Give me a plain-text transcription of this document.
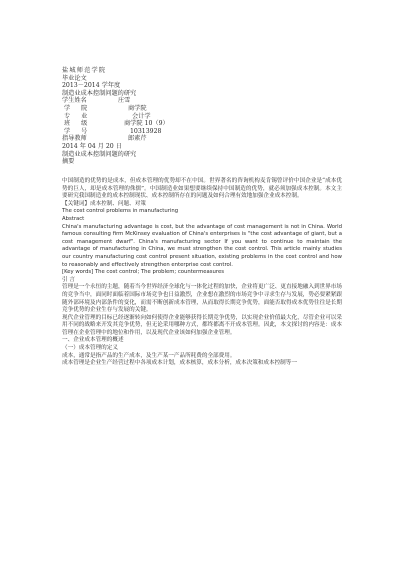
盐城师范学院
毕业论文
2013－2014 学年度
制造业成本控制问题的研究
学生姓名	庄雪
学院	商学院
专业	会计学
班级	商学院 10（9）
学号	10313928
指导教师	郎素芹
2014 年 04 月 20 日
制造业成本控制问题的研究
摘要
中国制造的优势的是成本，但成本管理的优势却不在中国。世界著名的咨询机构麦肯锡曾评价中国企业是“成本优势的巨人，却是成本管理的侏儒”。中国制造业如果想要继续保持中国制造的优势，就必须加强成本控制。本文主要研究我国制造业的成本控制现状、成本控制所存在的问题及如何合理有效地加强企业成本控制。
【关键词】成本控制、问题、对策
The cost control problems in manufacturing
Abstract
China's manufacturing advantage is cost, but the advantage of cost management is not in China. World famous consulting firm McKinsey evaluation of China's enterprises is "the cost advantage of giant, but a cost management dwarf". China's manufacturing sector If you want to continue to maintain the advantage of manufacturing in China, we must strengthen the cost control. This article mainly studies our country manufacturing cost control present situation, existing problems in the cost control and how to reasonably and effectively strengthen enterprise cost control.
[Key words] The cost control; The problem; countermeasures
引 言
管理是一个永恒的主题，随着当今世界经济全球化与一体化过程的加快，企业将更广泛、更直接地融入到世界市场的竞争当中，面同时面临着国际市场竞争也日益激烈，企业想在激烈的市场竞争中寻求生存与发展，势必要紧紧跟随外部环境及内部条件的变化，而需不断创新成本管理，从而取得长期竞争优势，面能否取得成本优势往往是长期竞争优势的企业生存与发展的关键。
现代企业管理的目标已经逐渐转向如何使得企业能够获得长期竞争优势，以实现企业价值最大化，尽管企业可以采用不同的战略来开发其竞争优势，但无论采用哪种方式，都终都离不开成本管理。因此，本文探讨的内容是：成本管理在企业管理中的地位和作用，以及现代企业该如何加强企业管理。
一、企业成本管理的概述
（一）成本管理的定义
成本，通常是指产品的生产成本，及生产某一产品所耗费的全部费用。
成本管理是企业生产经营过程中各项成本计划，成本核算，成本分析，成本决策和成本控制等一
